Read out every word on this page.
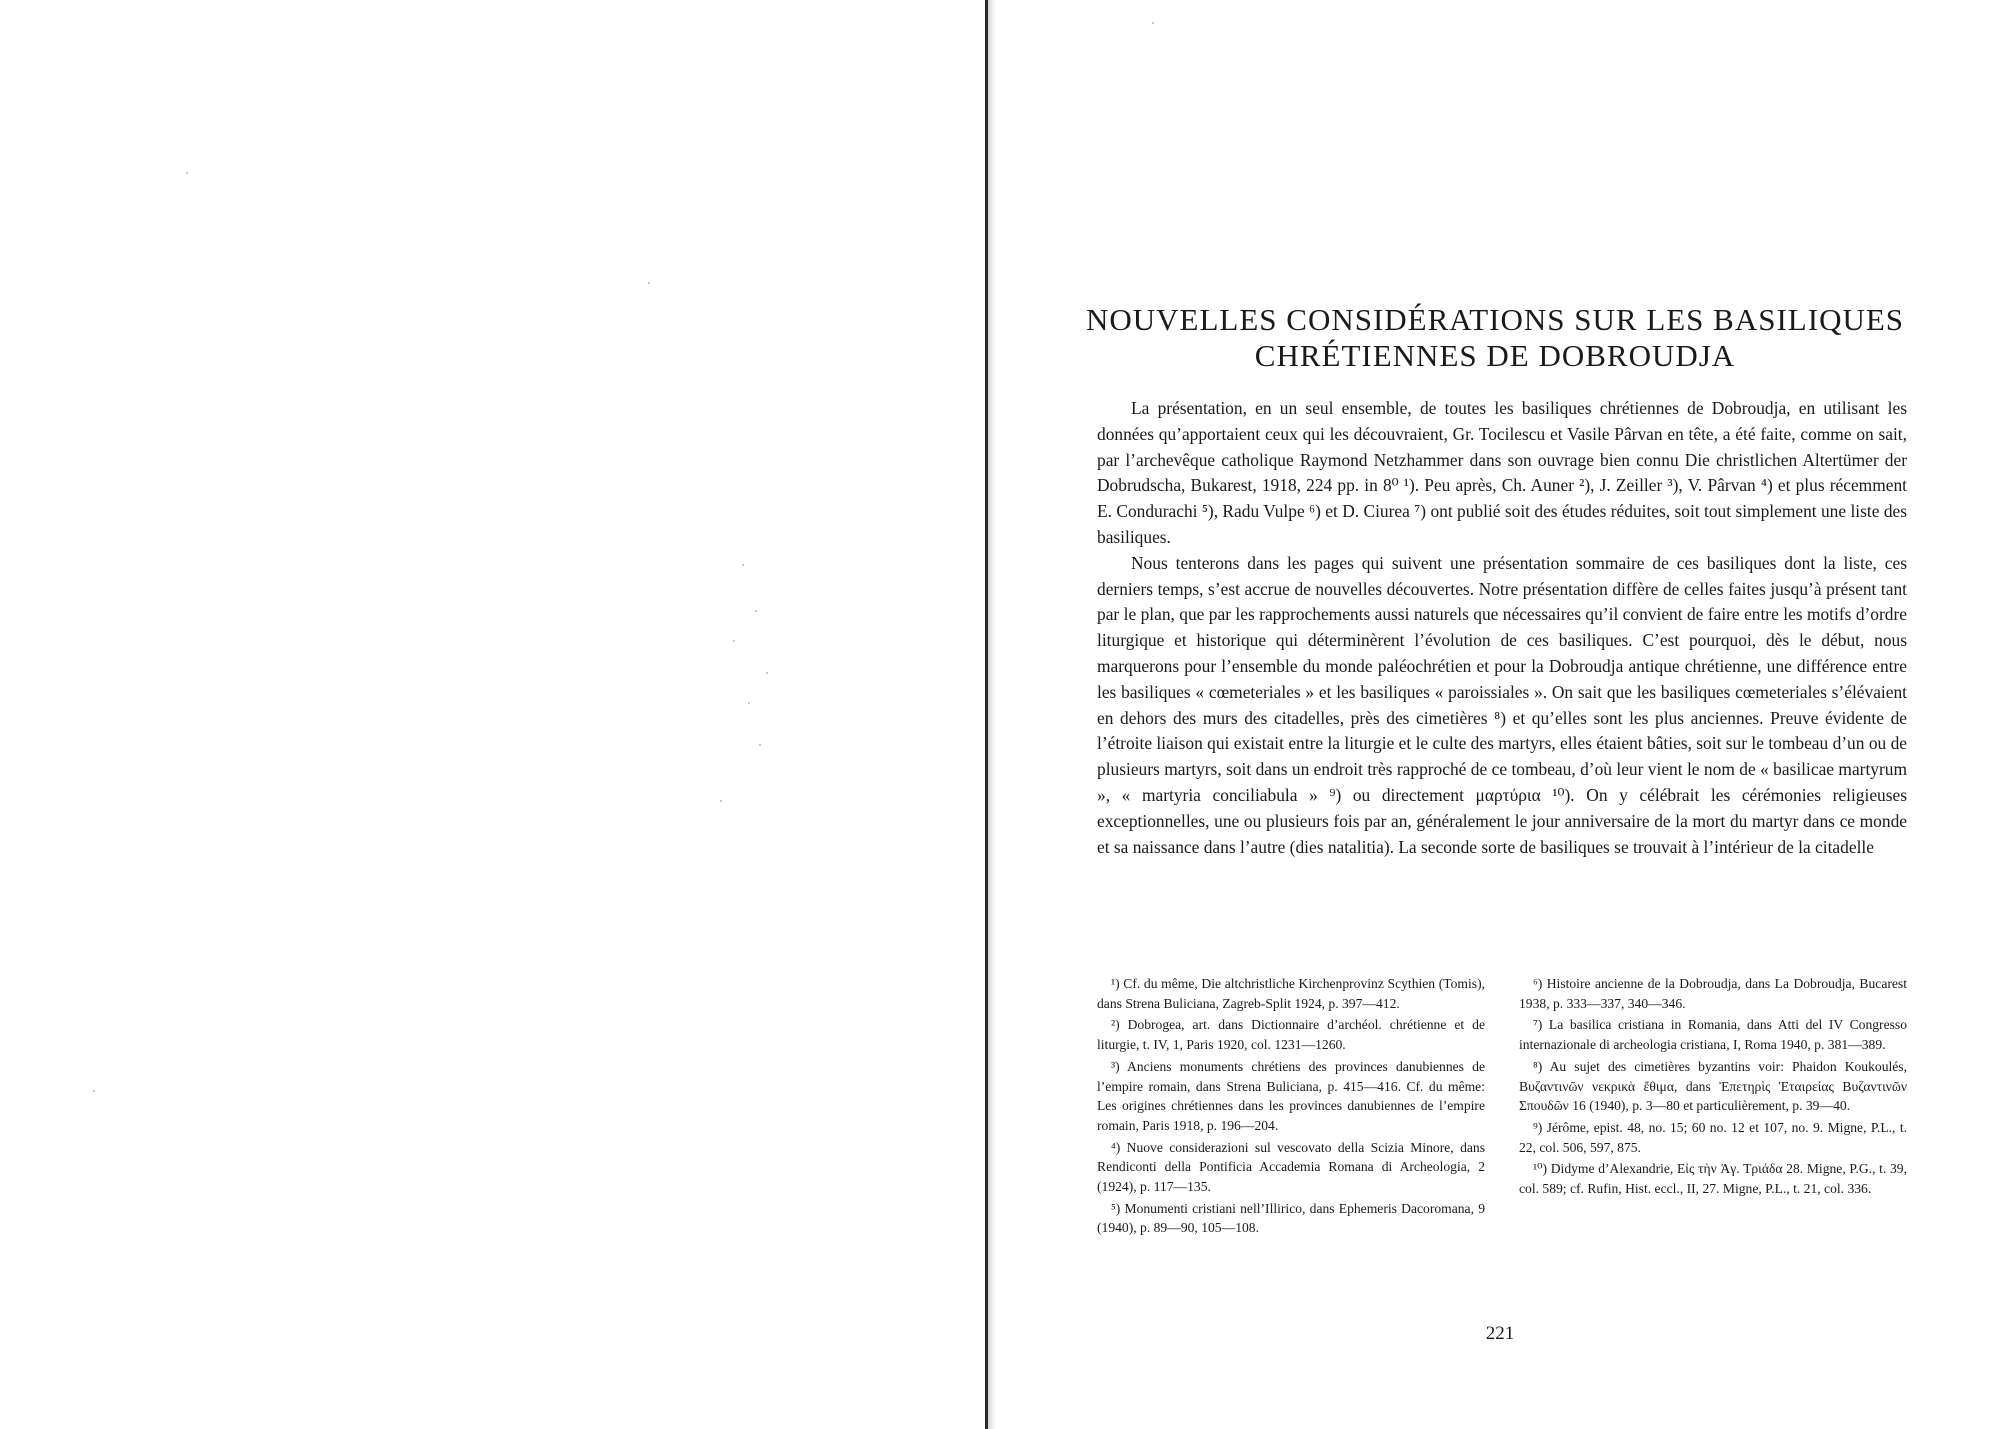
NOUVELLES CONSIDÉRATIONS SUR LES BASILIQUES
CHRÉTIENNES DE DOBROUDJA

La présentation, en un seul ensemble, de toutes les basiliques chrétiennes de Dobroudja, en utilisant les données qu’apportaient ceux qui les découvraient, Gr. Tocilescu et Vasile Pârvan en tête, a été faite, comme on sait, par l’archevêque catholique Raymond Netzhammer dans son ouvrage bien connu Die christlichen Altertümer der Dobrudscha, Bukarest, 1918, 224 pp. in 8⁰ ¹). Peu après, Ch. Auner ²), J. Zeiller ³), V. Pârvan ⁴) et plus récemment E. Condurachi ⁵), Radu Vulpe ⁶) et D. Ciurea ⁷) ont publié soit des études réduites, soit tout simplement une liste des basiliques.

Nous tenterons dans les pages qui suivent une présentation sommaire de ces basiliques dont la liste, ces derniers temps, s’est accrue de nouvelles découvertes. Notre présentation diffère de celles faites jusqu’à présent tant par le plan, que par les rapprochements aussi naturels que nécessaires qu’il convient de faire entre les motifs d’ordre liturgique et historique qui déterminèrent l’évolution de ces basiliques. C’est pourquoi, dès le début, nous marquerons pour l’ensemble du monde paléochrétien et pour la Dobroudja antique chrétienne, une différence entre les basiliques « cœmeteriales » et les basiliques « paroissiales ». On sait que les basiliques cœmeteriales s’élévaient en dehors des murs des citadelles, près des cimetières ⁸) et qu’elles sont les plus anciennes. Preuve évidente de l’étroite liaison qui existait entre la liturgie et le culte des martyrs, elles étaient bâties, soit sur le tombeau d’un ou de plusieurs martyrs, soit dans un endroit très rapproché de ce tombeau, d’où leur vient le nom de « basilicae martyrum », « martyria conciliabula » ⁹) ou directement μαρτύρια ¹⁰). On y célébrait les cérémonies religieuses exceptionnelles, une ou plusieurs fois par an, généralement le jour anniversaire de la mort du martyr dans ce monde et sa naissance dans l’autre (dies natalitia). La seconde sorte de basiliques se trouvait à l’intérieur de la citadelle

¹) Cf. du même, Die altchristliche Kirchenprovinz Scythien (Tomis), dans Strena Buliciana, Zagreb-Split 1924, p. 397—412.

²) Dobrogea, art. dans Dictionnaire d’archéol. chrétienne et de liturgie, t. IV, 1, Paris 1920, col. 1231—1260.

³) Anciens monuments chrétiens des provinces danubiennes de l’empire romain, dans Strena Buliciana, p. 415—416. Cf. du même: Les origines chrétiennes dans les provinces danubiennes de l’empire romain, Paris 1918, p. 196—204.

⁴) Nuove considerazioni sul vescovato della Scizia Minore, dans Rendiconti della Pontificia Accademia Romana di Archeologia, 2 (1924), p. 117—135.

⁵) Monumenti cristiani nell’Illirico, dans Ephemeris Dacoromana, 9 (1940), p. 89—90, 105—108.

⁶) Histoire ancienne de la Dobroudja, dans La Dobroudja, Bucarest 1938, p. 333—337, 340—346.

⁷) La basilica cristiana in Romania, dans Atti del IV Congresso internazionale di archeologia cristiana, I, Roma 1940, p. 381—389.

⁸) Au sujet des cimetières byzantins voir: Phaidon Koukoulés, Βυζαντινῶν νεκρικὰ ἔθιμα, dans Ἐπετηρὶς Ἑταιρείας Βυζαντινῶν Σπουδῶν 16 (1940), p. 3—80 et particulièrement, p. 39—40.

⁹) Jérôme, epist. 48, no. 15; 60 no. 12 et 107, no. 9. Migne, P.L., t. 22, col. 506, 597, 875.

¹⁰) Didyme d’Alexandrie, Εἰς τὴν Ἁγ. Τριάδα 28. Migne, P.G., t. 39, col. 589; cf. Rufin, Hist. eccl., II, 27. Migne, P.L., t. 21, col. 336.

221
